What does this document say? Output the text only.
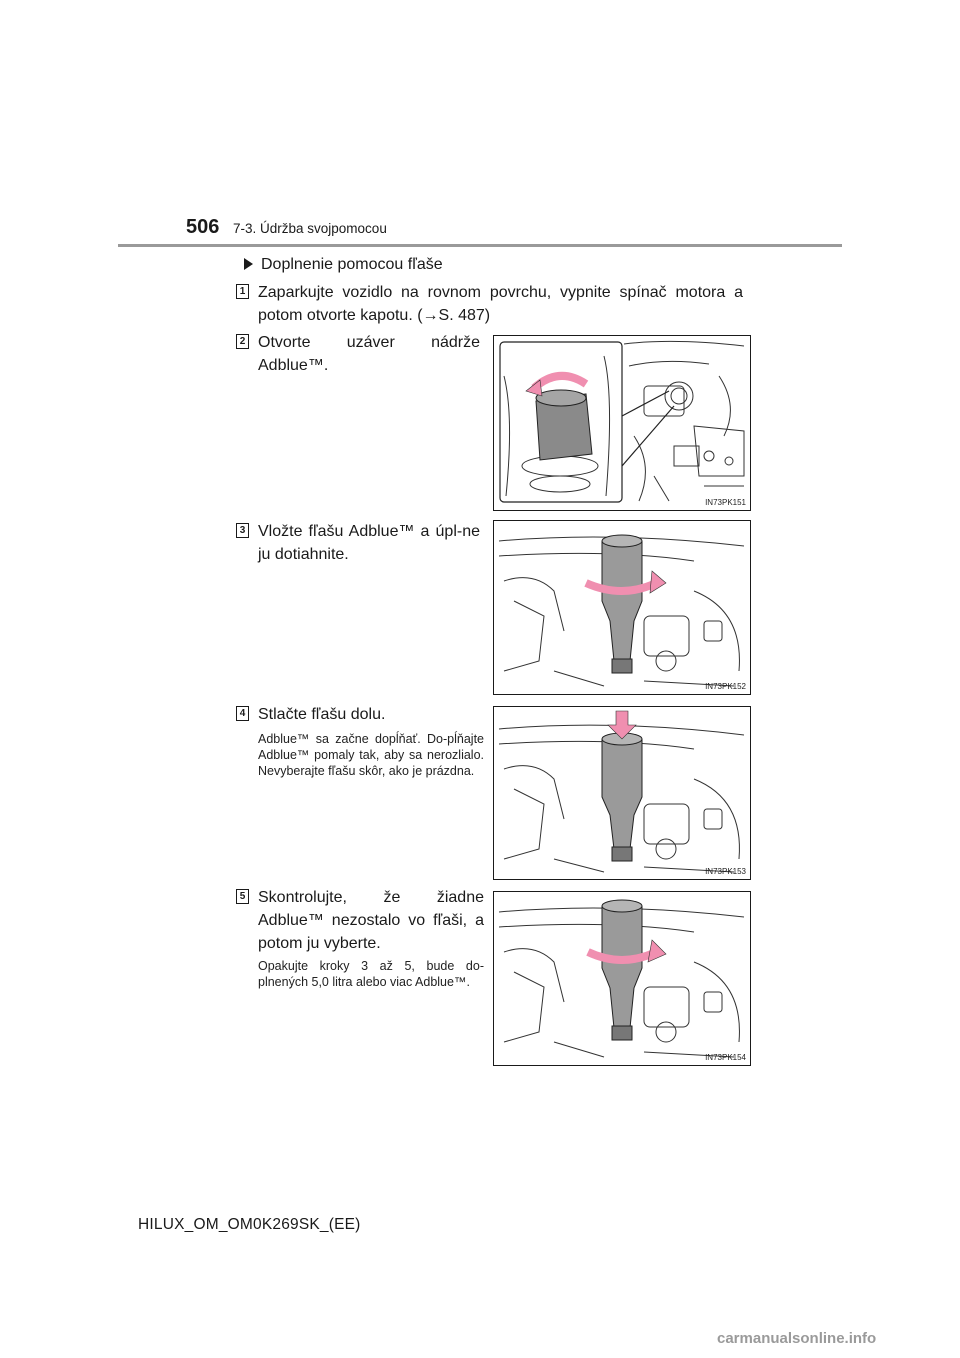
506 7-3. Údržba svojpomocou
Doplnenie pomocou fľaše
1 Zaparkujte vozidlo na rovnom povrchu, vypnite spínač motora a potom otvorte kapotu. (→S. 487)
2 Otvorte uzáver nádrže Adblue™.
IN73PK151
3 Vložte fľašu Adblue™ a úpl-ne ju dotiahnite.
IN73PK152
4 Stlačte fľašu dolu.
Adblue™ sa začne dopĺňať. Do-pĺňajte Adblue™ pomaly tak, aby sa nerozlialo. Nevyberajte fľašu skôr, ako je prázdna.
IN73PK153
5 Skontrolujte, že žiadne Adblue™ nezostalo vo fľaši, a potom ju vyberte.
Opakujte kroky 3 až 5, bude do-plnených 5,0 litra alebo viac Adblue™.
IN73PK154
HILUX_OM_OM0K269SK_(EE)
carmanualsonline.info
